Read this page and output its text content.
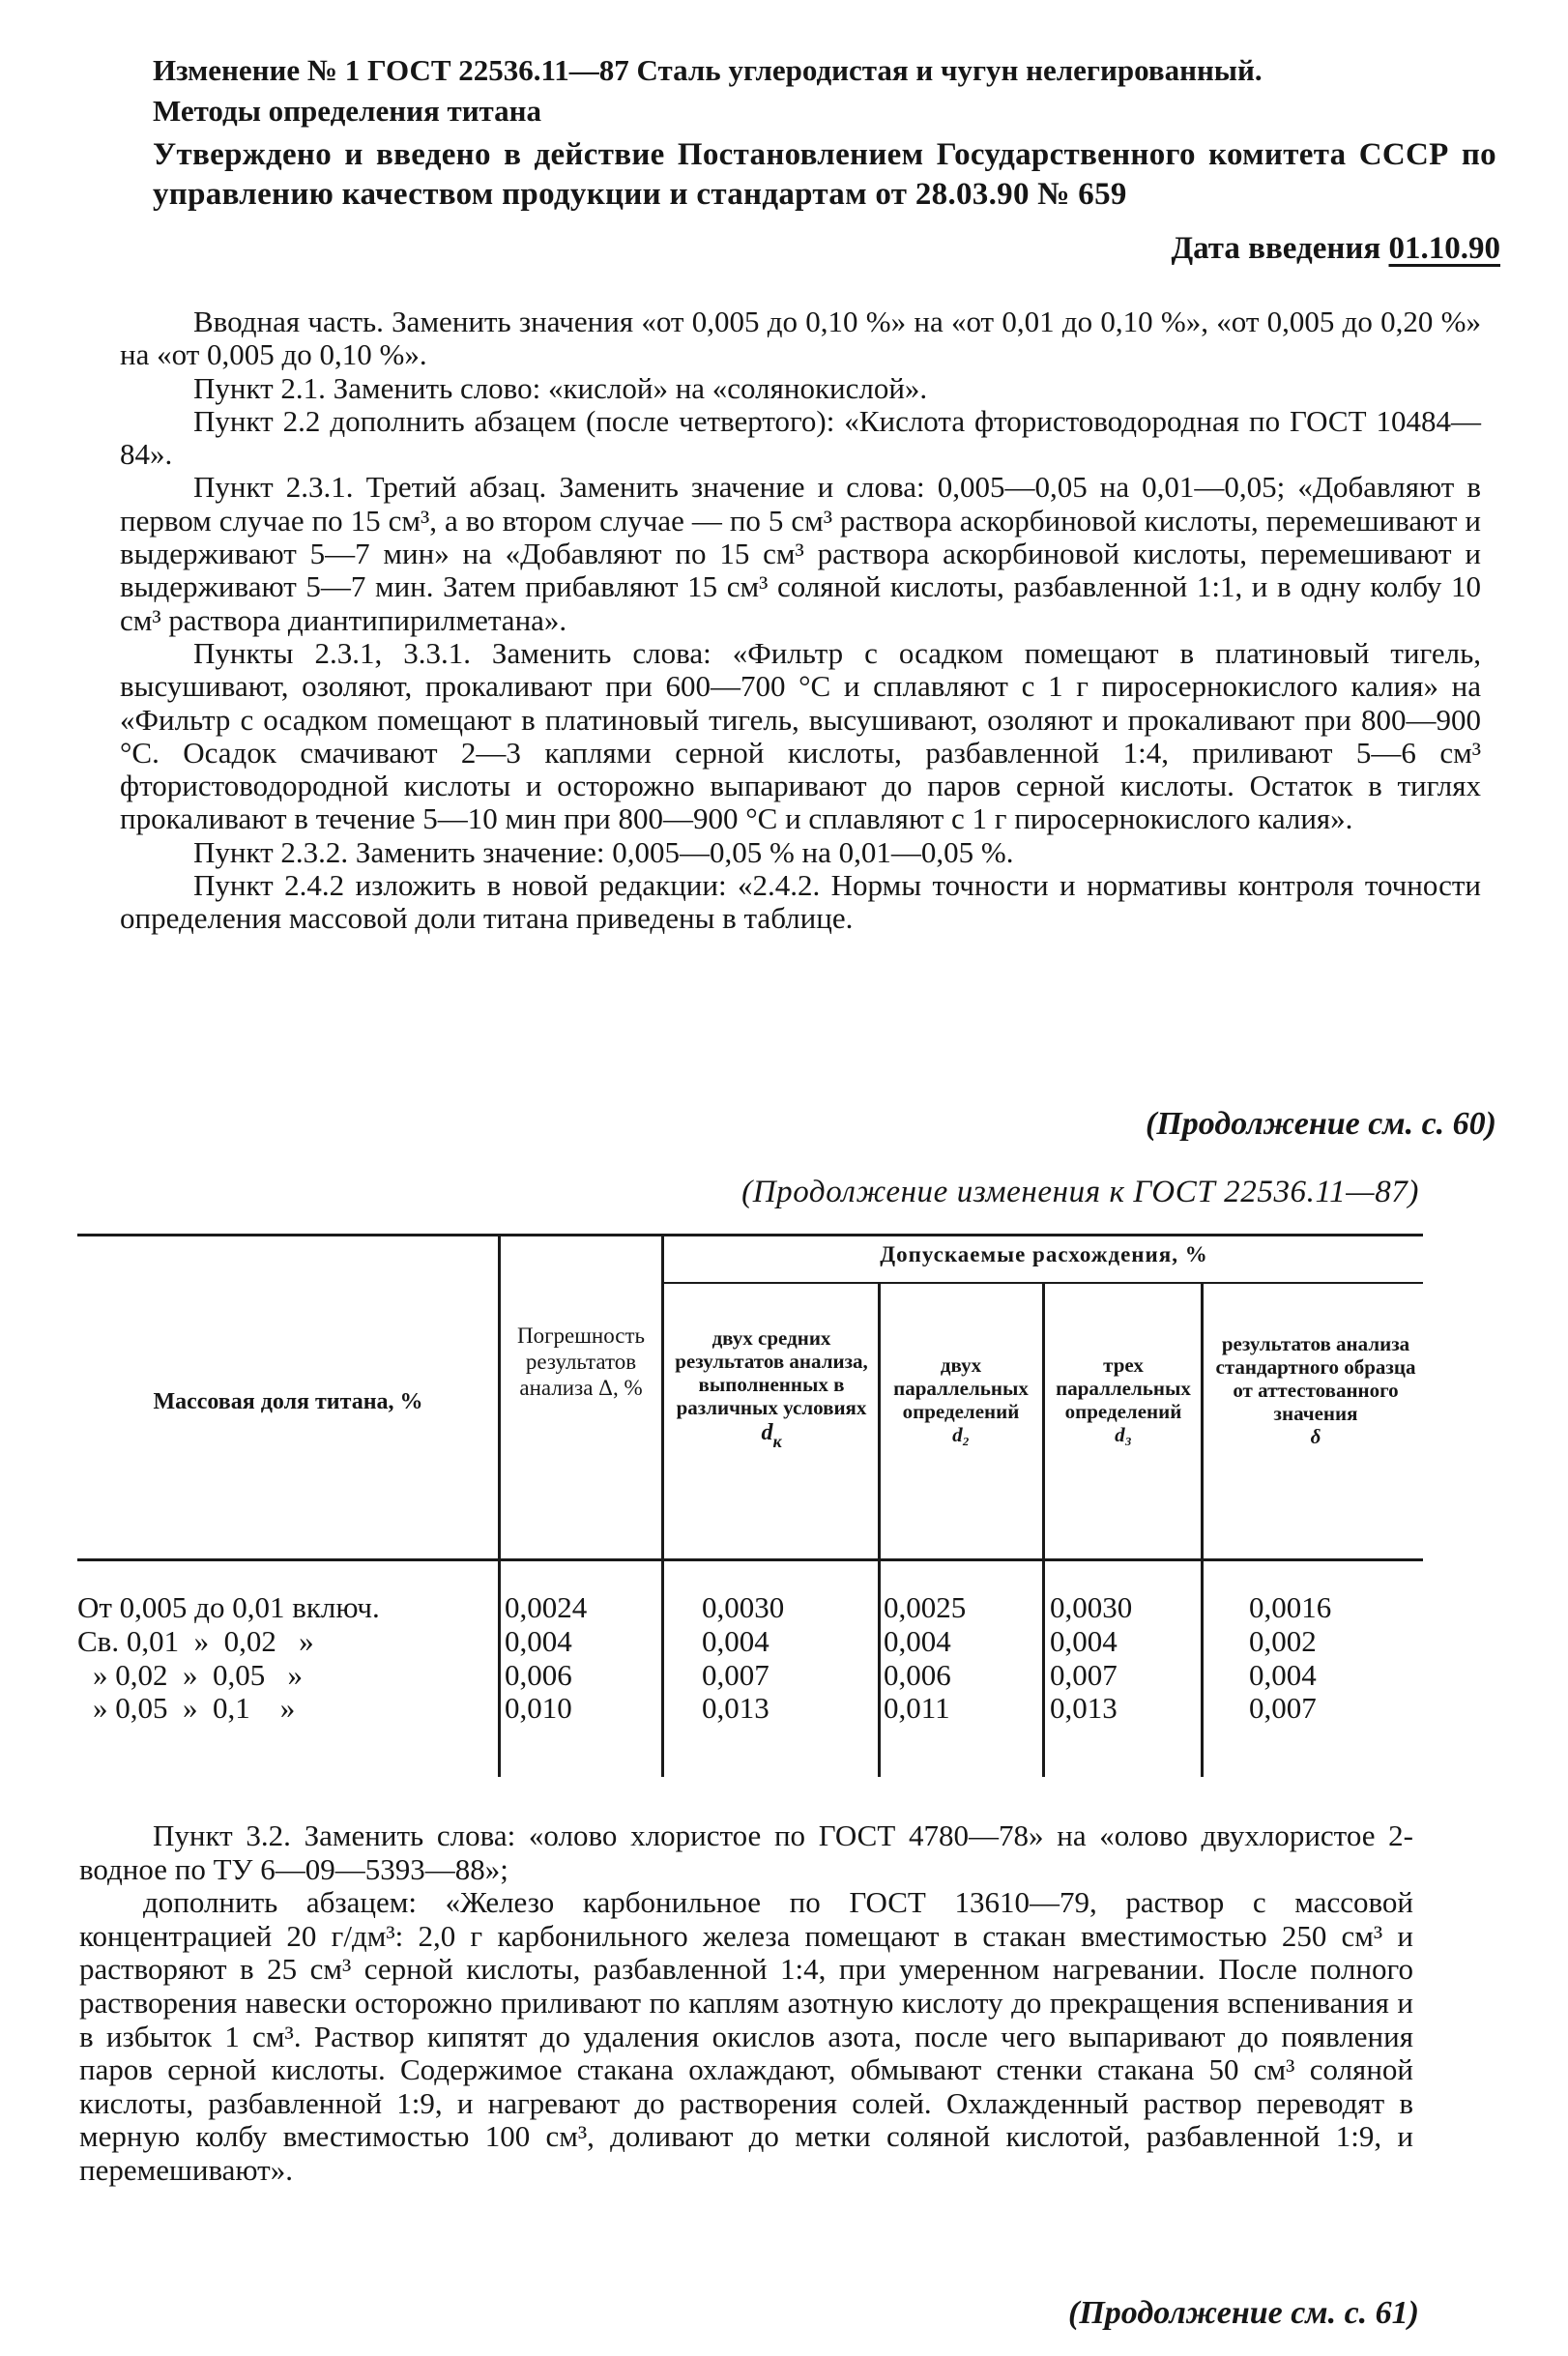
Изменение № 1 ГОСТ 22536.11—87 Сталь углеродистая и чугун нелегированный.
Методы определения титана
Утверждено и введено в действие Постановлением Государственного комитета СССР по управлению качеством продукции и стандартам от 28.03.90 № 659
Дата введения 01.10.90

Вводная часть. Заменить значения «от 0,005 до 0,10 %» на «от 0,01 до 0,10 %», «от 0,005 до 0,20 %» на «от 0,005 до 0,10 %».

Пункт 2.1. Заменить слово: «кислой» на «солянокислой».

Пункт 2.2 дополнить абзацем (после четвертого): «Кислота фтористоводородная по ГОСТ 10484—84».

Пункт 2.3.1. Третий абзац. Заменить значение и слова: 0,005—0,05 на 0,01—0,05; «Добавляют в первом случае по 15 см³, а во втором случае — по 5 см³ раствора аскорбиновой кислоты, перемешивают и выдерживают 5—7 мин» на «Добавляют по 15 см³ раствора аскорбиновой кислоты, перемешивают и выдерживают 5—7 мин. Затем прибавляют 15 см³ соляной кислоты, разбавленной 1:1, и в одну колбу 10 см³ раствора диантипирилметана».

Пункты 2.3.1, 3.3.1. Заменить слова: «Фильтр с осадком помещают в платиновый тигель, высушивают, озоляют, прокаливают при 600—700 °С и сплавляют с 1 г пиросернокислого калия» на «Фильтр с осадком помещают в платиновый тигель, высушивают, озоляют и прокаливают при 800—900 °С. Осадок смачивают 2—3 каплями серной кислоты, разбавленной 1:4, приливают 5—6 см³ фтористоводородной кислоты и осторожно выпаривают до паров серной кислоты. Остаток в тиглях прокаливают в течение 5—10 мин при 800—900 °С и сплавляют с 1 г пиросернокислого калия».

Пункт 2.3.2. Заменить значение: 0,005—0,05 % на 0,01—0,05 %.

Пункт 2.4.2 изложить в новой редакции: «2.4.2. Нормы точности и нормативы контроля точности определения массовой доли титана приведены в таблице.

(Продолжение см. с. 60)
(Продолжение изменения к ГОСТ 22536.11—87)
Массовая доля титана, %
Погрешность результатов анализа Δ, %
Допускаемые расхождения, %
двух средних результатов анализа, выполненных в различных условиях
$d_к$
двух параллельных определений
d₂
трех параллельных определений
d₃
результатов анализа стандартного образца от аттестованного значения
δ
От 0,005 до 0,01 включ.
Св. 0,01  »  0,02   »
» 0,02  »  0,05   »
» 0,05  »  0,1    »
0,0024
0,004
0,006
0,010
0,0030
0,004
0,007
0,013
0,0025
0,004
0,006
0,011
0,0030
0,004
0,007
0,013
0,0016
0,002
0,004
0,007

Пункт 3.2. Заменить слова: «олово хлористое по ГОСТ 4780—78» на «олово двухлористое 2-водное по ТУ 6—09—5393—88»;

дополнить абзацем: «Железо карбонильное по ГОСТ 13610—79, раствор с массовой концентрацией 20 г/дм³: 2,0 г карбонильного железа помещают в стакан вместимостью 250 см³ и растворяют в 25 см³ серной кислоты, разбавленной 1:4, при умеренном нагревании. После полного растворения навески осторожно приливают по каплям азотную кислоту до прекращения вспенивания и в избыток 1 см³. Раствор кипятят до удаления окислов азота, после чего выпаривают до появления паров серной кислоты. Содержимое стакана охлаждают, обмывают стенки стакана 50 см³ соляной кислоты, разбавленной 1:9, и нагревают до растворения солей. Охлажденный раствор переводят в мерную колбу вместимостью 100 см³, доливают до метки соляной кислотой, разбавленной 1:9, и перемешивают».

(Продолжение см. с. 61)
